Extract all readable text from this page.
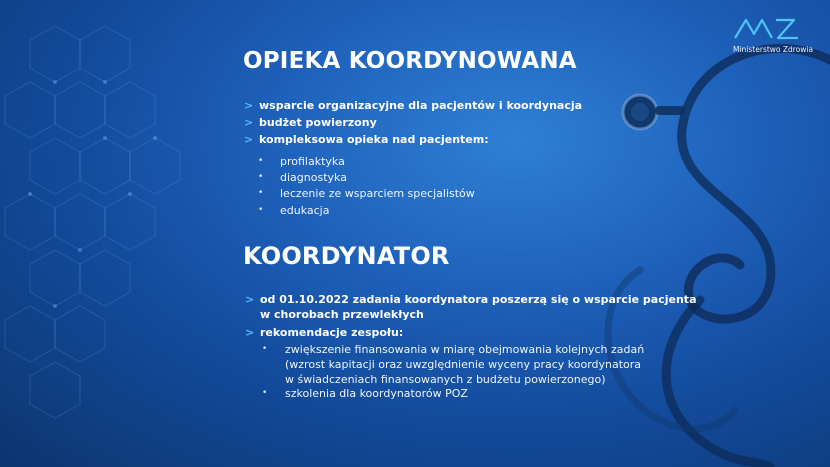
Ministerstwo Zdrowia
OPIEKA KOORDYNOWANA
> wsparcie organizacyjne dla pacjentów i koordynacja
> budżet powierzony
> kompleksowa opieka nad pacjentem:
• profilaktyka
• diagnostyka
• leczenie ze wsparciem specjalistów
• edukacja
KOORDYNATOR
> od 01.10.2022 zadania koordynatora poszerzą się o wsparcie pacjenta
w chorobach przewlekłych
> rekomendacje zespołu:
• zwiększenie finansowania w miarę obejmowania kolejnych zadań
(wzrost kapitacji oraz uwzględnienie wyceny pracy koordynatora
w świadczeniach finansowanych z budżetu powierzonego)
• szkolenia dla koordynatorów POZ
